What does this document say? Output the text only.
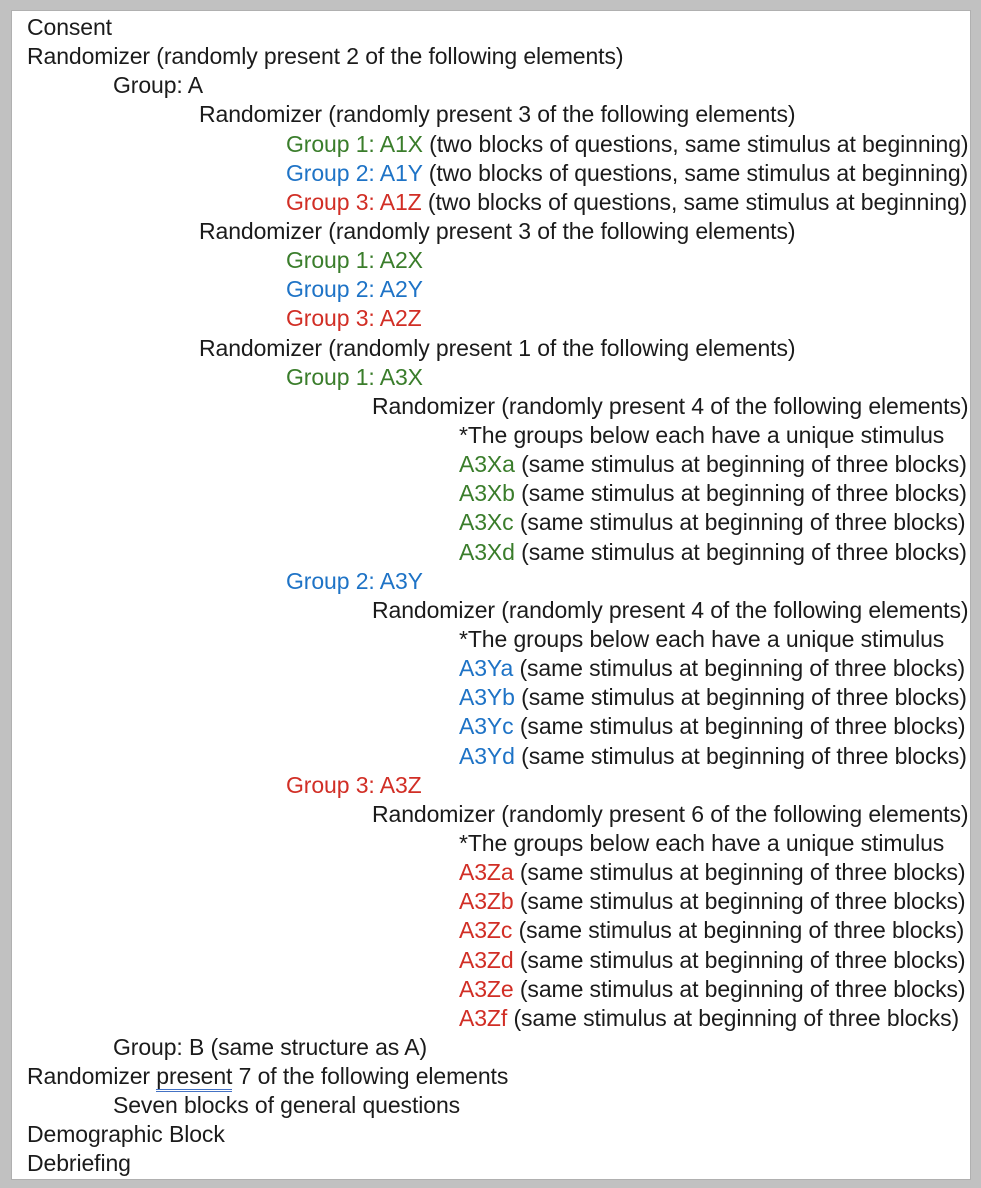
Consent
Randomizer (randomly present 2 of the following elements)
Group: A
Randomizer (randomly present 3 of the following elements)
Group 1: A1X (two blocks of questions, same stimulus at beginning)
Group 2: A1Y (two blocks of questions, same stimulus at beginning)
Group 3: A1Z (two blocks of questions, same stimulus at beginning)
Randomizer (randomly present 3 of the following elements)
Group 1: A2X
Group 2: A2Y
Group 3: A2Z
Randomizer (randomly present 1 of the following elements)
Group 1: A3X
Randomizer (randomly present 4 of the following elements)
*The groups below each have a unique stimulus
A3Xa (same stimulus at beginning of three blocks)
A3Xb (same stimulus at beginning of three blocks)
A3Xc (same stimulus at beginning of three blocks)
A3Xd (same stimulus at beginning of three blocks)
Group 2: A3Y
Randomizer (randomly present 4 of the following elements)
*The groups below each have a unique stimulus
A3Ya (same stimulus at beginning of three blocks)
A3Yb (same stimulus at beginning of three blocks)
A3Yc (same stimulus at beginning of three blocks)
A3Yd (same stimulus at beginning of three blocks)
Group 3: A3Z
Randomizer (randomly present 6 of the following elements)
*The groups below each have a unique stimulus
A3Za (same stimulus at beginning of three blocks)
A3Zb (same stimulus at beginning of three blocks)
A3Zc (same stimulus at beginning of three blocks)
A3Zd (same stimulus at beginning of three blocks)
A3Ze (same stimulus at beginning of three blocks)
A3Zf (same stimulus at beginning of three blocks)
Group: B (same structure as A)
Randomizer present 7 of the following elements
Seven blocks of general questions
Demographic Block
Debriefing
